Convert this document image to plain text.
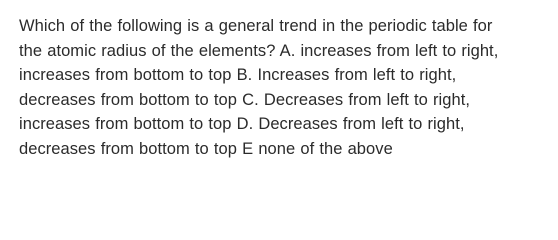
Which of the following is a general trend in the periodic table for
the atomic radius of the elements? A. increases from left to right,
increases from bottom to top B. Increases from left to right,
decreases from bottom to top C. Decreases from left to right,
increases from bottom to top D. Decreases from left to right,
decreases from bottom to top E none of the above
